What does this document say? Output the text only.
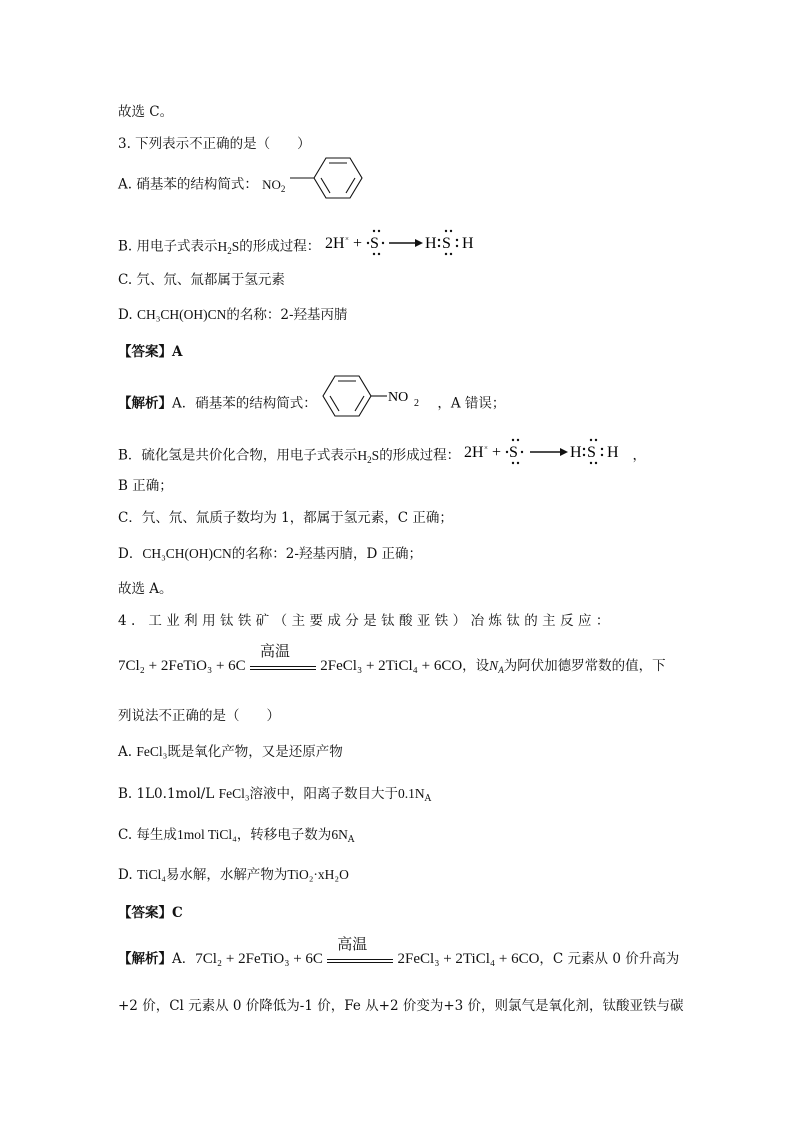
故选 C。
3. 下列表示不正确的是（　　）
A. 硝基苯的结构简式： $NO_2$
B. 用电子式表示$H_2S$的形成过程： 2H × + S	H S H
C. 氕、氘、氚都属于氢元素
D. CH₃CH(OH)CN的名称：2-羟基丙腈
【答案】A
【解析】A．硝基苯的结构简式：	NO 2 ，A 错误；
B．硫化氢是共价化合物，用电子式表示$H_2S$的形成过程： 2H × + S	H S H ，
B 正确；
C．氕、氘、氚质子数均为 1，都属于氢元素，C 正确；
D．CH₃CH(OH)CN的名称：2-羟基丙腈，D 正确；
故选 A。
4. 工业利用钛铁矿（主要成分是钛酸亚铁）冶炼钛的主反应：
7Cl₂ + 2FeTiO₃ + 6C
高温
2FeCl₃ + 2TiCl₄ + 6CO，设$N_A$为阿伏加德罗常数的值，下
列说法不正确的是（　　）
A. FeCl₃既是氧化产物，又是还原产物
B. 1L0.1mol/L FeCl₃溶液中，阳离子数目大于$0.1N_A$
C. 每生成1mol TiCl₄，转移电子数为$6N_A$
D. TiCl₄易水解，水解产物为TiO₂·xH₂O
【答案】C
【解析】A．7Cl₂ + 2FeTiO₃ + 6C
高温
2FeCl₃ + 2TiCl₄ + 6CO，C 元素从 0 价升高为
+2 价，Cl 元素从 0 价降低为-1 价，Fe 从+2 价变为+3 价，则氯气是氧化剂，钛酸亚铁与碳
